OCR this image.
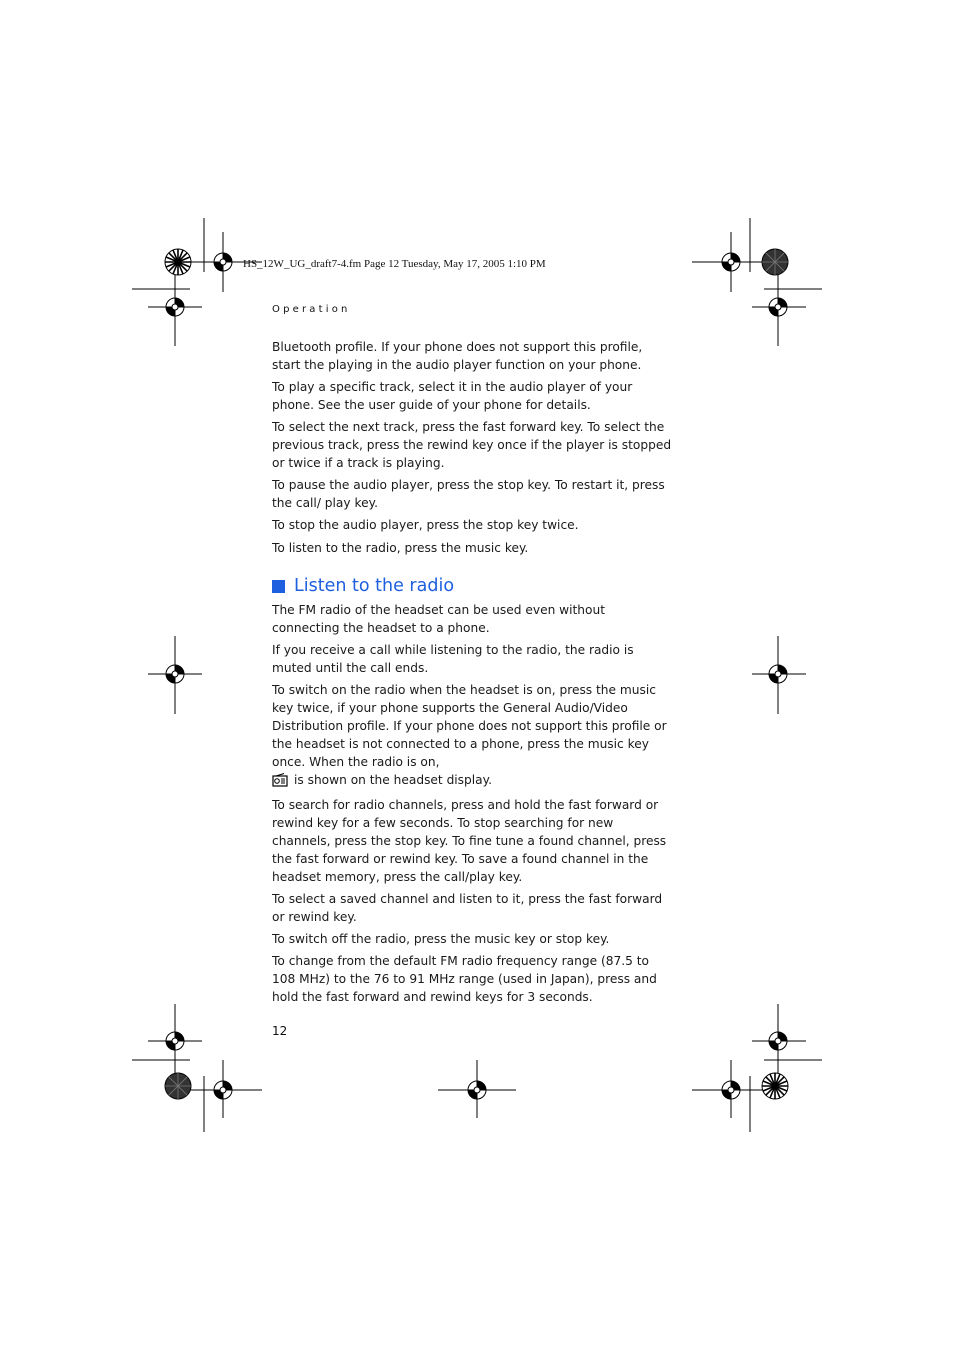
HS_12W_UG_draft7-4.fm Page 12 Tuesday, May 17, 2005 1:10 PM
Operation

Bluetooth profile. If your phone does not support this profile, start the playing in the audio player function on your phone.

To play a specific track, select it in the audio player of your phone. See the user guide of your phone for details.

To select the next track, press the fast forward key. To select the previous track, press the rewind key once if the player is stopped or twice if a track is playing.

To pause the audio player, press the stop key. To restart it, press the call/ play key.

To stop the audio player, press the stop key twice.

To listen to the radio, press the music key.

Listen to the radio

The FM radio of the headset can be used even without connecting the headset to a phone.

If you receive a call while listening to the radio, the radio is muted until the call ends.

To switch on the radio when the headset is on, press the music key twice, if your phone supports the General Audio/Video Distribution profile. If your phone does not support this profile or the headset is not connected to a phone, press the music key once. When the radio is on,
is shown on the headset display.

To search for radio channels, press and hold the fast forward or rewind key for a few seconds. To stop searching for new channels, press the stop key. To fine tune a found channel, press the fast forward or rewind key. To save a found channel in the headset memory, press the call/play key.

To select a saved channel and listen to it, press the fast forward or rewind key.

To switch off the radio, press the music key or stop key.

To change from the default FM radio frequency range (87.5 to 108 MHz) to the 76 to 91 MHz range (used in Japan), press and hold the fast forward and rewind keys for 3 seconds.

12
